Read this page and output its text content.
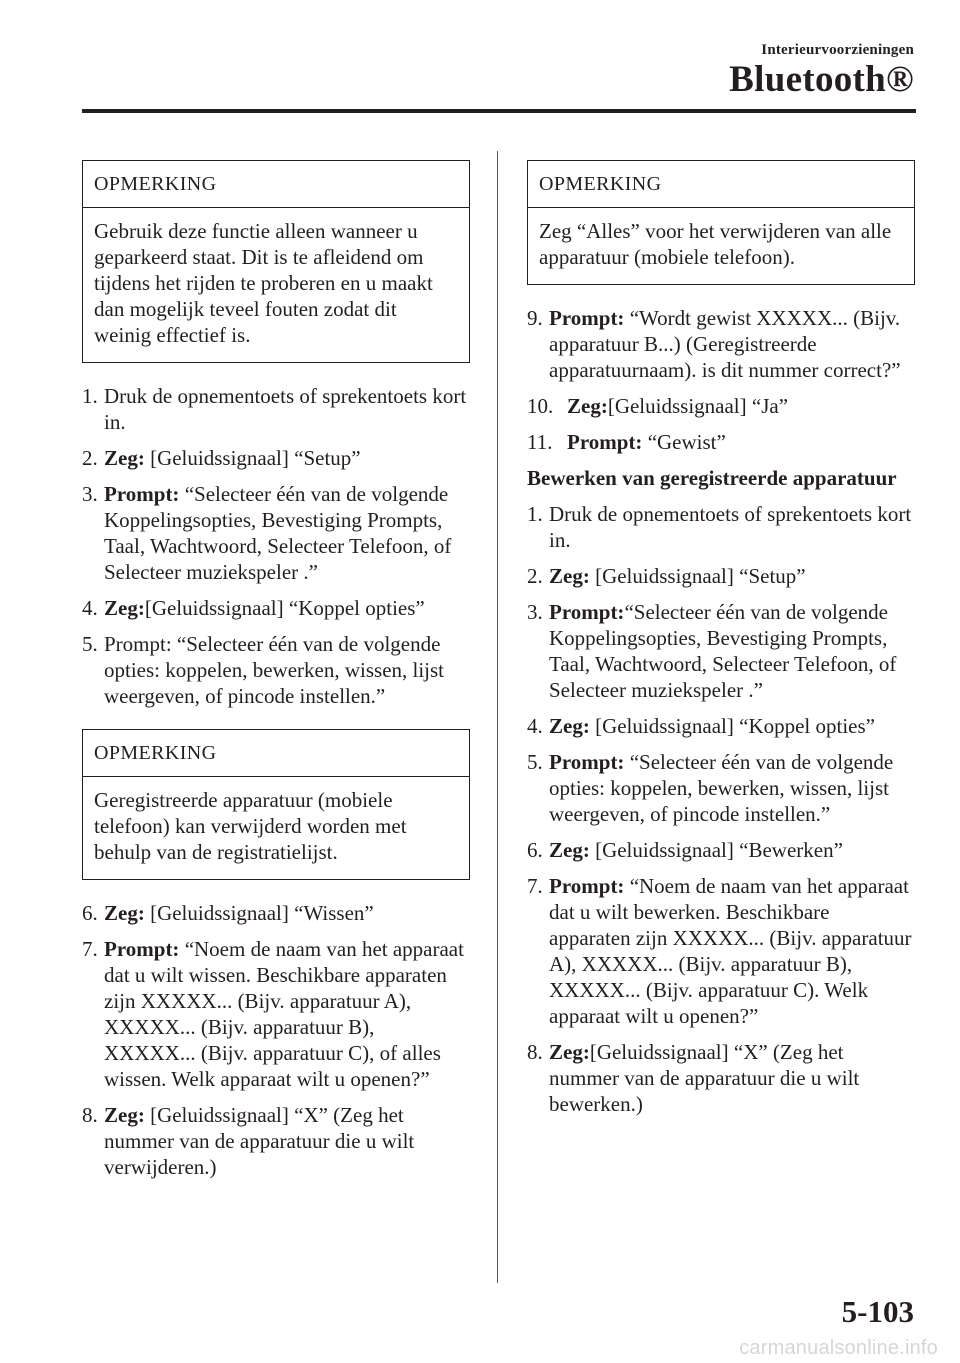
Interieurvoorzieningen
Bluetooth®
OPMERKING
Gebruik deze functie alleen wanneer u geparkeerd staat. Dit is te afleidend om tijdens het rijden te proberen en u maakt dan mogelijk teveel fouten zodat dit weinig effectief is.
1. Druk de opnementoets of sprekentoets kort in.
2. Zeg: [Geluidssignaal] “Setup”
3. Prompt: “Selecteer één van de volgende Koppelingsopties, Bevestiging Prompts, Taal, Wachtwoord, Selecteer Telefoon, of Selecteer muziekspeler .”
4. Zeg:[Geluidssignaal] “Koppel opties”
5. Prompt: “Selecteer één van de volgende opties: koppelen, bewerken, wissen, lijst weergeven, of pincode instellen.”
OPMERKING
Geregistreerde apparatuur (mobiele telefoon) kan verwijderd worden met behulp van de registratielijst.
6. Zeg: [Geluidssignaal] “Wissen”
7. Prompt: “Noem de naam van het apparaat dat u wilt wissen. Beschikbare apparaten zijn XXXXX... (Bijv. apparatuur A), XXXXX... (Bijv. apparatuur B), XXXXX... (Bijv. apparatuur C), of alles wissen. Welk apparaat wilt u openen?”
8. Zeg: [Geluidssignaal] “X” (Zeg het nummer van de apparatuur die u wilt verwijderen.)
OPMERKING
Zeg “Alles” voor het verwijderen van alle apparatuur (mobiele telefoon).
9. Prompt: “Wordt gewist XXXXX... (Bijv. apparatuur B...) (Geregistreerde apparatuurnaam). is dit nummer correct?”
10. Zeg:[Geluidssignaal] “Ja”
11. Prompt: “Gewist”
Bewerken van geregistreerde apparatuur
1. Druk de opnementoets of sprekentoets kort in.
2. Zeg: [Geluidssignaal] “Setup”
3. Prompt:“Selecteer één van de volgende Koppelingsopties, Bevestiging Prompts, Taal, Wachtwoord, Selecteer Telefoon, of Selecteer muziekspeler .”
4. Zeg: [Geluidssignaal] “Koppel opties”
5. Prompt: “Selecteer één van de volgende opties: koppelen, bewerken, wissen, lijst weergeven, of pincode instellen.”
6. Zeg: [Geluidssignaal] “Bewerken”
7. Prompt: “Noem de naam van het apparaat dat u wilt bewerken. Beschikbare apparaten zijn XXXXX... (Bijv. apparatuur A), XXXXX... (Bijv. apparatuur B), XXXXX... (Bijv. apparatuur C). Welk apparaat wilt u openen?”
8. Zeg:[Geluidssignaal] “X” (Zeg het nummer van de apparatuur die u wilt bewerken.)
5-103
carmanualsonline.info
